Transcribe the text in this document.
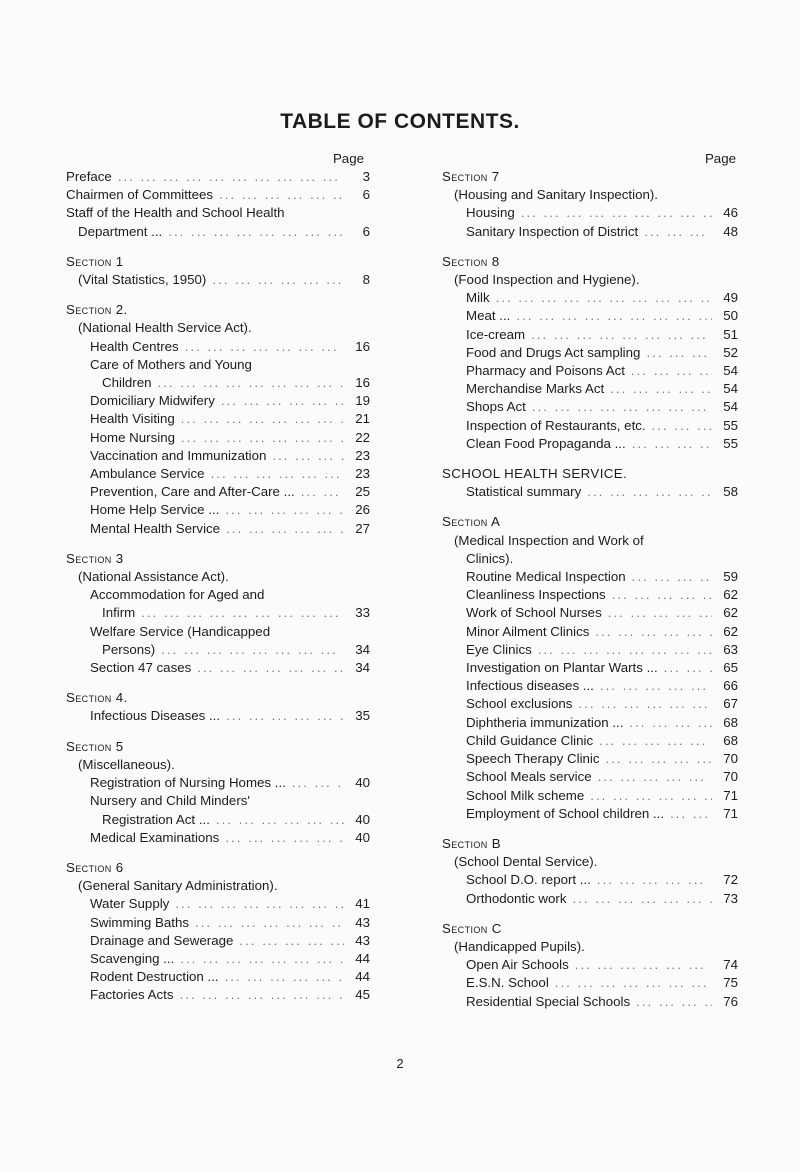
TABLE OF CONTENTS.
Page
Preface ... .	3
Chairmen of Committees ... .	6
Staff of the Health and School Health
Department ... ... .	6
Section 1
(Vital Statistics, 1950) ... .	8
Section 2.
(National Health Service Act).
Health Centres ... .	16
Care of Mothers and Young
Children ... .	16
Domiciliary Midwifery ... .	19
Health Visiting ... .	21
Home Nursing ... .	22
Vaccination and Immunization ... .	23
Ambulance Service ... .	23
Prevention, Care and After-Care ... ... .	25
Home Help Service ... ... .	26
Mental Health Service ... .	27
Section 3
(National Assistance Act).
Accommodation for Aged and
Infirm ... .	33
Welfare Service (Handicapped
Persons) ... .	34
Section 47 cases ... .	34
Section 4.
Infectious Diseases ... ... .	35
Section 5
(Miscellaneous).
Registration of Nursing Homes ... ... .	40
Nursery and Child Minders'
Registration Act ... ... .	40
Medical Examinations ... .	40
Section 6
(General Sanitary Administration).
Water Supply ... .	41
Swimming Baths ... .	43
Drainage and Sewerage ... .	43
Scavenging ... ... .	44
Rodent Destruction ... ... .	44
Factories Acts ... .	45
Page
Section 7
(Housing and Sanitary Inspection).
Housing ... .	46
Sanitary Inspection of District ... .	48
Section 8
(Food Inspection and Hygiene).
Milk ... .	49
Meat ... ... .	50
Ice-cream ... .	51
Food and Drugs Act sampling ... .	52
Pharmacy and Poisons Act ... .	54
Merchandise Marks Act ... .	54
Shops Act ... .	54
Inspection of Restaurants, etc. ... .	55
Clean Food Propaganda ... ... .	55
SCHOOL HEALTH SERVICE.
Statistical summary ... .	58
Section A
(Medical Inspection and Work of
Clinics).
Routine Medical Inspection ... .	59
Cleanliness Inspections ... .	62
Work of School Nurses ... .	62
Minor Ailment Clinics ... .	62
Eye Clinics ... .	63
Investigation on Plantar Warts ... ... .	65
Infectious diseases ... ... .	66
School exclusions ... .	67
Diphtheria immunization ... ... .	68
Child Guidance Clinic ... .	68
Speech Therapy Clinic ... .	70
School Meals service ... .	70
School Milk scheme ... .	71
Employment of School children ... ... .	71
Section B
(School Dental Service).
School D.O. report ... ... .	72
Orthodontic work ... .	73
Section C
(Handicapped Pupils).
Open Air Schools ... .	74
E.S.N. School ... .	75
Residential Special Schools ... .	76
2
